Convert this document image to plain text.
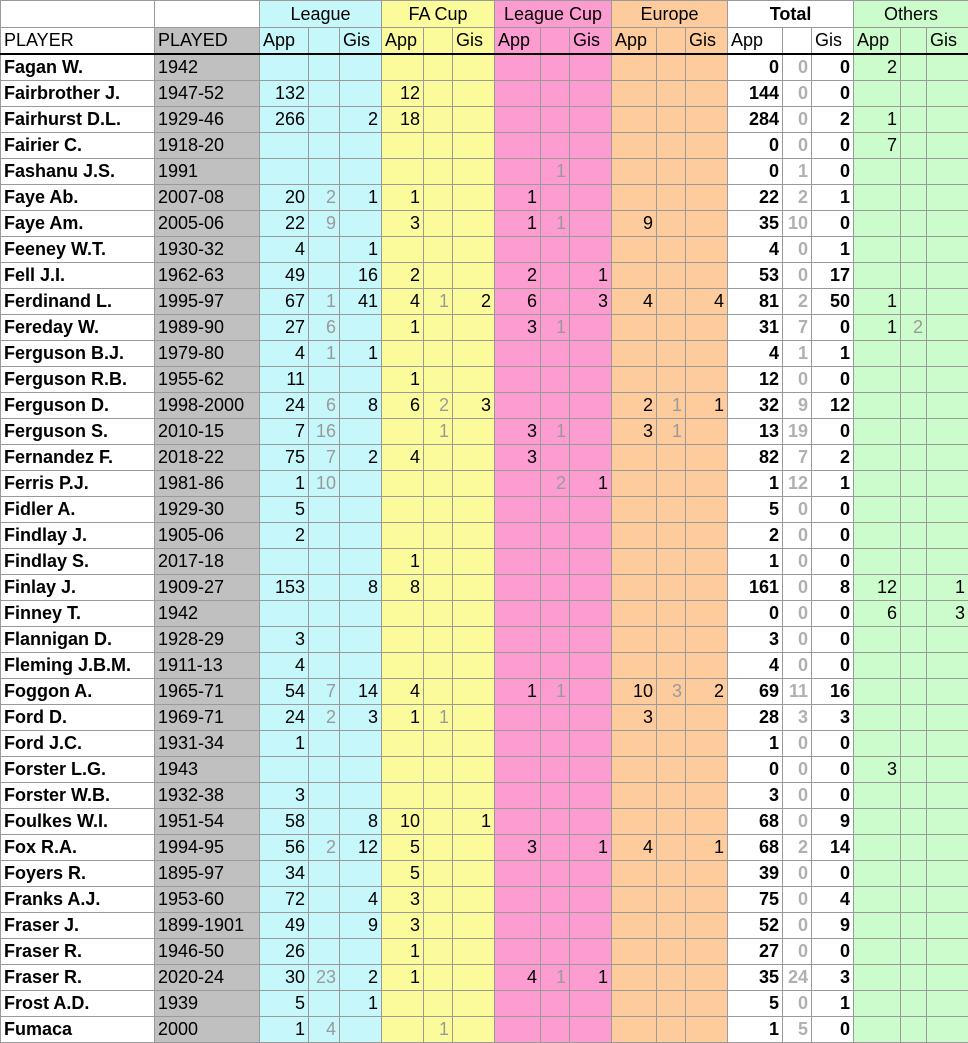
		League			FA Cup			League Cup			Europe			Total			Others		
PLAYER	PLAYED	App		Gis	App		Gis	App		Gis	App		Gis	App		Gis	App		Gis
Fagan W.	1942													0	0	0	2		
Fairbrother J.	1947-52	132			12									144	0	0			
Fairhurst D.L.	1929-46	266		2	18									284	0	2	1		
Fairier C.	1918-20													0	0	0	7		
Fashanu J.S.	1991								1					0	1	0			
Faye Ab.	2007-08	20	2	1	1			1						22	2	1			
Faye Am.	2005-06	22	9		3			1	1		9			35	10	0			
Feeney W.T.	1930-32	4		1										4	0	1			
Fell J.I.	1962-63	49		16	2			2		1				53	0	17			
Ferdinand L.	1995-97	67	1	41	4	1	2	6		3	4		4	81	2	50	1		
Fereday W.	1989-90	27	6		1			3	1					31	7	0	1	2	
Ferguson B.J.	1979-80	4	1	1										4	1	1			
Ferguson R.B.	1955-62	11			1									12	0	0			
Ferguson D.	1998-2000	24	6	8	6	2	3				2	1	1	32	9	12			
Ferguson S.	2010-15	7	16			1		3	1		3	1		13	19	0			
Fernandez F.	2018-22	75	7	2	4			3						82	7	2			
Ferris P.J.	1981-86	1	10						2	1				1	12	1			
Fidler A.	1929-30	5												5	0	0			
Findlay J.	1905-06	2												2	0	0			
Findlay S.	2017-18				1									1	0	0			
Finlay J.	1909-27	153		8	8									161	0	8	12		1
Finney T.	1942													0	0	0	6		3
Flannigan D.	1928-29	3												3	0	0			
Fleming J.B.M.	1911-13	4												4	0	0			
Foggon A.	1965-71	54	7	14	4			1	1		10	3	2	69	11	16			
Ford D.	1969-71	24	2	3	1	1					3			28	3	3			
Ford J.C.	1931-34	1												1	0	0			
Forster L.G.	1943													0	0	0	3		
Forster W.B.	1932-38	3												3	0	0			
Foulkes W.I.	1951-54	58		8	10		1							68	0	9			
Fox R.A.	1994-95	56	2	12	5			3		1	4		1	68	2	14			
Foyers R.	1895-97	34			5									39	0	0			
Franks A.J.	1953-60	72		4	3									75	0	4			
Fraser J.	1899-1901	49		9	3									52	0	9			
Fraser R.	1946-50	26			1									27	0	0			
Fraser R.	2020-24	30	23	2	1			4	1	1				35	24	3			
Frost A.D.	1939	5		1										5	0	1			
Fumaca	2000	1	4			1								1	5	0			
